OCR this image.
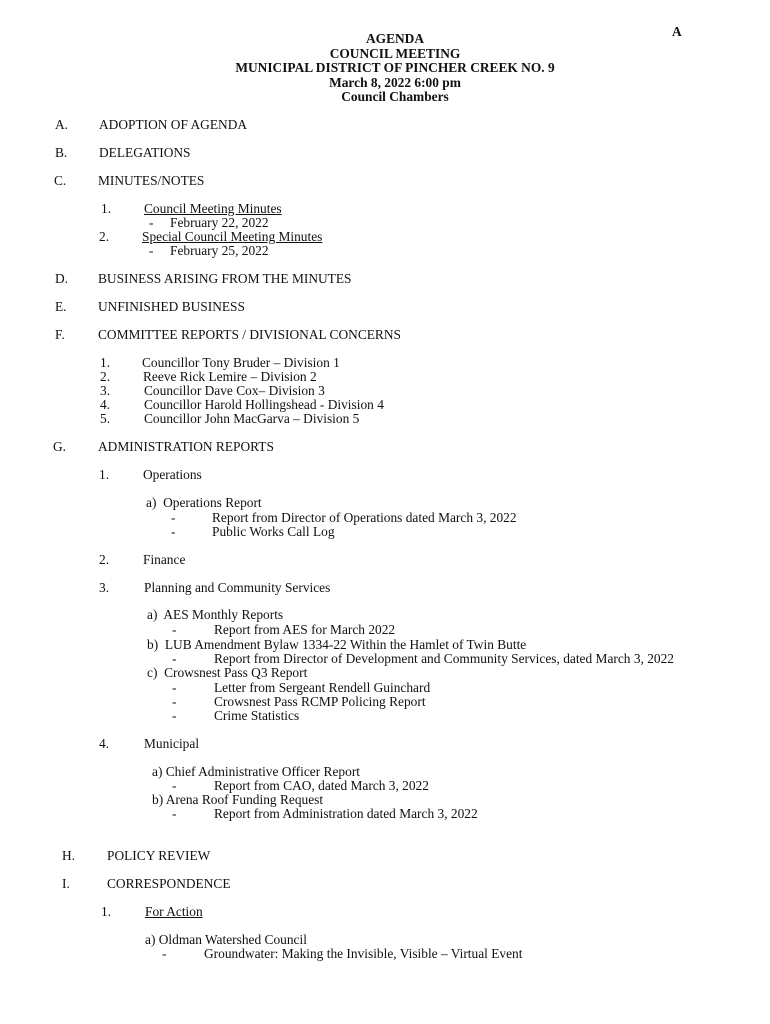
A
AGENDA
COUNCIL MEETING
MUNICIPAL DISTRICT OF PINCHER CREEK NO. 9
March 8, 2022 6:00 pm
Council Chambers
A. ADOPTION OF AGENDA
B. DELEGATIONS
C. MINUTES/NOTES
1. Council Meeting Minutes
- February 22, 2022
2. Special Council Meeting Minutes
- February 25, 2022
D. BUSINESS ARISING FROM THE MINUTES
E. UNFINISHED BUSINESS
F. COMMITTEE REPORTS / DIVISIONAL CONCERNS
1. Councillor Tony Bruder – Division 1
2. Reeve Rick Lemire – Division 2
3.	Councillor Dave Cox– Division 3
4.	Councillor Harold Hollingshead - Division 4
5.	Councillor John MacGarva – Division 5
G. ADMINISTRATION REPORTS
1.	Operations
a)  Operations Report
-	Report from Director of Operations dated March 3, 2022
-	Public Works Call Log
2.	Finance
3.	Planning and Community Services
a)  AES Monthly Reports
-	Report from AES for March 2022
b)  LUB Amendment Bylaw 1334-22 Within the Hamlet of Twin Butte
-	Report from Director of Development and Community Services, dated March 3, 2022
c)  Crowsnest Pass Q3 Report
-	Letter from Sergeant Rendell Guinchard
-	Crowsnest Pass RCMP Policing Report
-	Crime Statistics
4.	Municipal
a) Chief Administrative Officer Report
-	Report from CAO, dated March 3, 2022
b) Arena Roof Funding Request
-	Report from Administration dated March 3, 2022
H. POLICY REVIEW
I.	CORRESPONDENCE
1.	For Action
a) Oldman Watershed Council
-	Groundwater: Making the Invisible, Visible – Virtual Event
